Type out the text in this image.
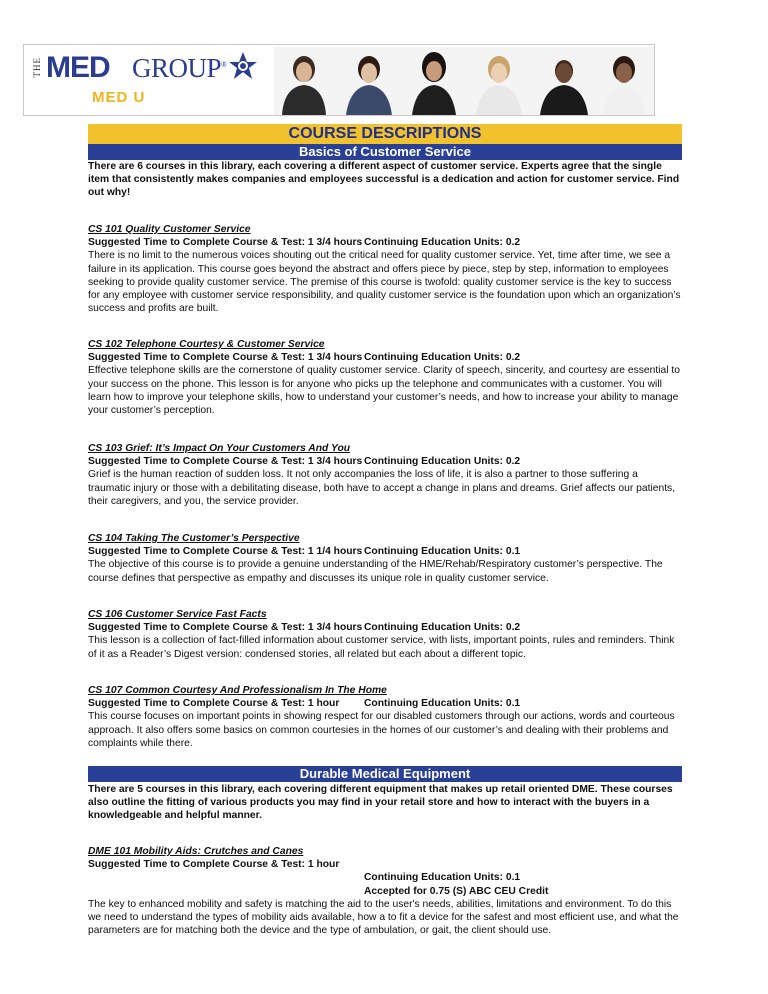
THE MED GROUP®
MED U
COURSE DESCRIPTIONS
Basics of Customer Service
There are 6 courses in this library, each covering a different aspect of customer service. Experts agree that the single item that consistently makes companies and employees successful is a dedication and action for customer service. Find out why!
CS 101 Quality Customer Service
Suggested Time to Complete Course & Test: 1 3/4 hours Continuing Education Units: 0.2
There is no limit to the numerous voices shouting out the critical need for quality customer service. Yet, time after time, we see a failure in its application. This course goes beyond the abstract and offers piece by piece, step by step, information to employees seeking to provide quality customer service. The premise of this course is twofold: quality customer service is the key to success for any employee with customer service responsibility, and quality customer service is the foundation upon which an organization’s success and profits are built.
CS 102 Telephone Courtesy & Customer Service
Suggested Time to Complete Course & Test: 1 3/4 hours Continuing Education Units: 0.2
Effective telephone skills are the cornerstone of quality customer service. Clarity of speech, sincerity, and courtesy are essential to your success on the phone. This lesson is for anyone who picks up the telephone and communicates with a customer. You will learn how to improve your telephone skills, how to understand your customer’s needs, and how to increase your ability to manage your customer’s perception.
CS 103 Grief: It’s Impact On Your Customers And You
Suggested Time to Complete Course & Test: 1 3/4 hours Continuing Education Units: 0.2
Grief is the human reaction of sudden loss. It not only accompanies the loss of life, it is also a partner to those suffering a traumatic injury or those with a debilitating disease, both have to accept a change in plans and dreams. Grief affects our patients, their caregivers, and you, the service provider.
CS 104 Taking The Customer’s Perspective
Suggested Time to Complete Course & Test: 1 1/4 hours Continuing Education Units: 0.1
The objective of this course is to provide a genuine understanding of the HME/Rehab/Respiratory customer’s perspective. The course defines that perspective as empathy and discusses its unique role in quality customer service.
CS 106 Customer Service Fast Facts
Suggested Time to Complete Course & Test: 1 3/4 hours Continuing Education Units: 0.2
This lesson is a collection of fact-filled information about customer service, with lists, important points, rules and reminders. Think of it as a Reader’s Digest version: condensed stories, all related but each about a different topic.
CS 107 Common Courtesy And Professionalism In The Home
Suggested Time to Complete Course & Test: 1 hour Continuing Education Units: 0.1
This course focuses on important points in showing respect for our disabled customers through our actions, words and courteous approach. It also offers some basics on common courtesies in the homes of our customer’s and dealing with their problems and complaints while there.
Durable Medical Equipment
There are 5 courses in this library, each covering different equipment that makes up retail oriented DME. These courses also outline the fitting of various products you may find in your retail store and how to interact with the buyers in a knowledgeable and helpful manner.
DME 101 Mobility Aids: Crutches and Canes
Suggested Time to Complete Course & Test: 1 hour
Continuing Education Units: 0.1
Accepted for 0.75 (S) ABC CEU Credit
The key to enhanced mobility and safety is matching the aid to the user's needs, abilities, limitations and environment. To do this we need to understand the types of mobility aids available, how a to fit a device for the safest and most efficient use, and what the parameters are for matching both the device and the type of ambulation, or gait, the client should use.
